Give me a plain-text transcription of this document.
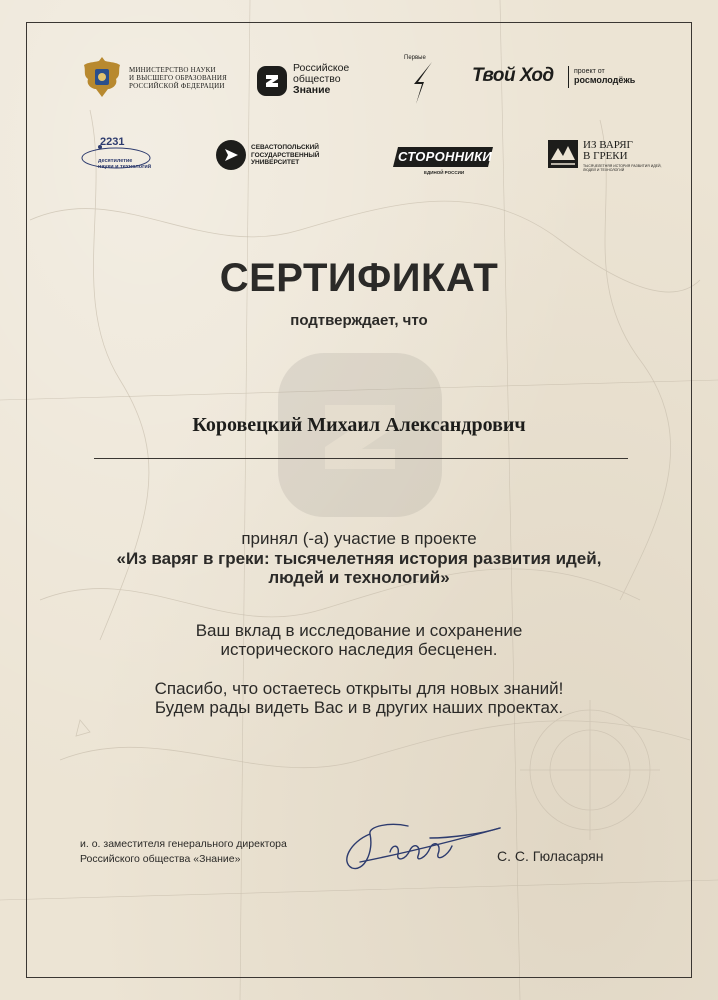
МИНИСТЕРСТВО НАУКИ
И ВЫСШЕГО ОБРАЗОВАНИЯ
РОССИЙСКОЙ ФЕДЕРАЦИИ
Российское
общество
Знание
Первые
Твой Ход	проект от
росмолодёжь
2231
десятилетие
науки и технологий
СЕВАСТОПОЛЬСКИЙ
ГОСУДАРСТВЕННЫЙ
УНИВЕРСИТЕТ	СТОРОННИКИ
ЕДИНОЙ РОССИИ
ИЗ ВАРЯГ
В ГРЕКИ
ТЫСЯЧЕЛЕТНЯЯ ИСТОРИЯ РАЗВИТИЯ ИДЕЙ,
ЛЮДЕЙ И ТЕХНОЛОГИЙ
СЕРТИФИКАТ
подтверждает, что
Коровецкий Михаил Александрович
принял (-а) участие в проекте
«Из варяг в греки: тысячелетняя история развития идей,
людей и технологий»
Ваш вклад в исследование и сохранение
исторического наследия бесценен.
Спасибо, что остаетесь открыты для новых знаний!
Будем рады видеть Вас и в других наших проектах.
и. о. заместителя генерального директора
Российского общества «Знание»	С. С. Гюласарян
